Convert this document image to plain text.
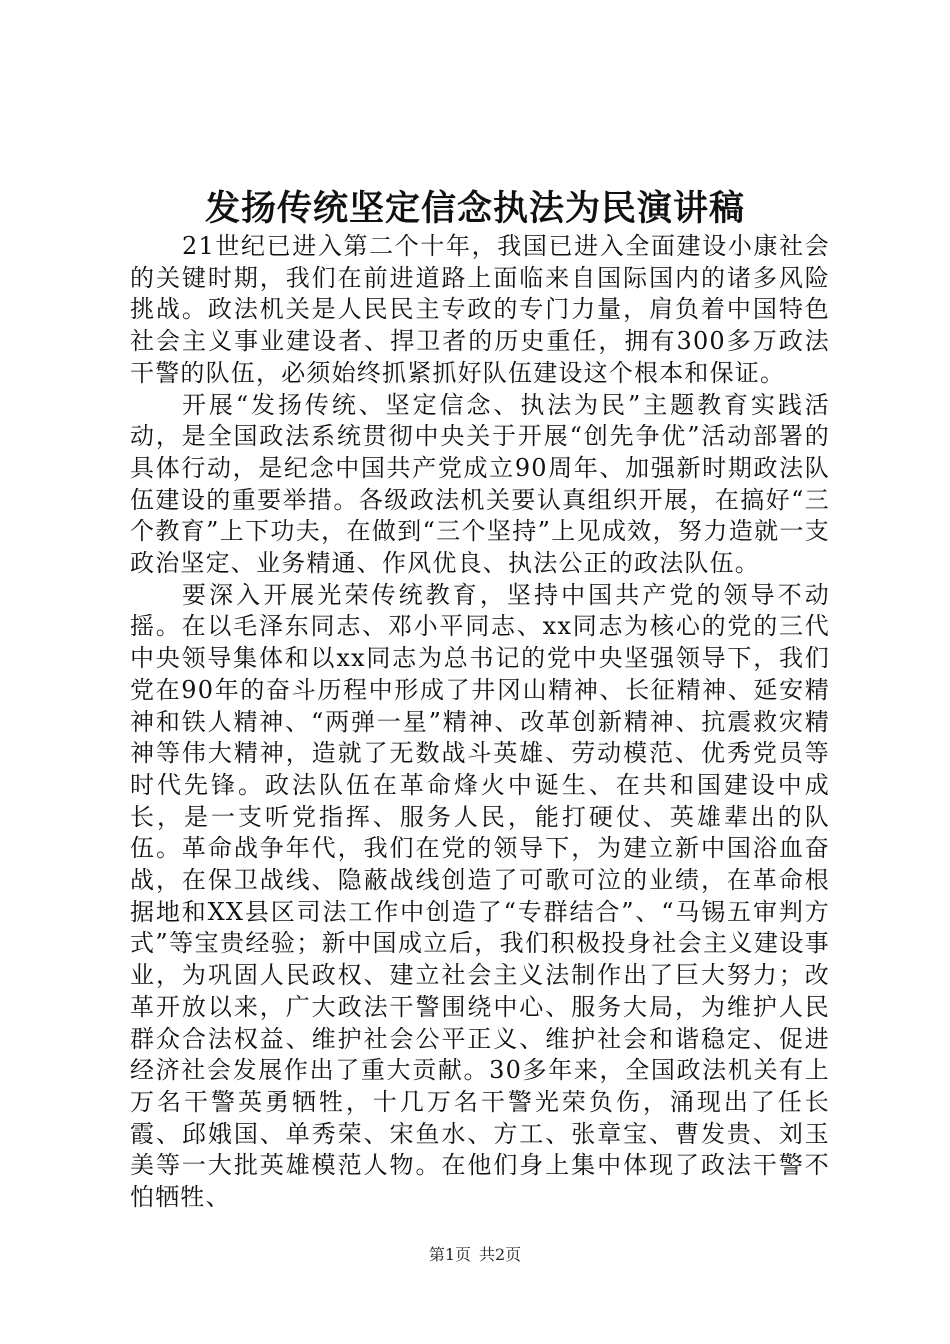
发扬传统坚定信念执法为民演讲稿

21世纪已进入第二个十年，我国已进入全面建设小康社会的关键时期，我们在前进道路上面临来自国际国内的诸多风险挑战。政法机关是人民民主专政的专门力量，肩负着中国特色社会主义事业建设者、捍卫者的历史重任，拥有300多万政法干警的队伍，必须始终抓紧抓好队伍建设这个根本和保证。

开展“发扬传统、坚定信念、执法为民”主题教育实践活动，是全国政法系统贯彻中央关于开展“创先争优”活动部署的具体行动，是纪念中国共产党成立90周年、加强新时期政法队伍建设的重要举措。各级政法机关要认真组织开展，在搞好“三个教育”上下功夫，在做到“三个坚持”上见成效，努力造就一支政治坚定、业务精通、作风优良、执法公正的政法队伍。

要深入开展光荣传统教育，坚持中国共产党的领导不动摇。在以毛泽东同志、邓小平同志、xx同志为核心的党的三代中央领导集体和以xx同志为总书记的党中央坚强领导下，我们党在90年的奋斗历程中形成了井冈山精神、长征精神、延安精神和铁人精神、“两弹一星”精神、改革创新精神、抗震救灾精神等伟大精神，造就了无数战斗英雄、劳动模范、优秀党员等时代先锋。政法队伍在革命烽火中诞生、在共和国建设中成长，是一支听党指挥、服务人民，能打硬仗、英雄辈出的队伍。革命战争年代，我们在党的领导下，为建立新中国浴血奋战，在保卫战线、隐蔽战线创造了可歌可泣的业绩，在革命根据地和XX县区司法工作中创造了“专群结合”、“马锡五审判方式”等宝贵经验；新中国成立后，我们积极投身社会主义建设事业，为巩固人民政权、建立社会主义法制作出了巨大努力；改革开放以来，广大政法干警围绕中心、服务大局，为维护人民群众合法权益、维护社会公平正义、维护社会和谐稳定、促进经济社会发展作出了重大贡献。30多年来，全国政法机关有上万名干警英勇牺牲，十几万名干警光荣负伤，涌现出了任长霞、邱娥国、单秀荣、宋鱼水、方工、张章宝、曹发贵、刘玉美等一大批英雄模范人物。在他们身上集中体现了政法干警不怕牺牲、

第1页 共2页
